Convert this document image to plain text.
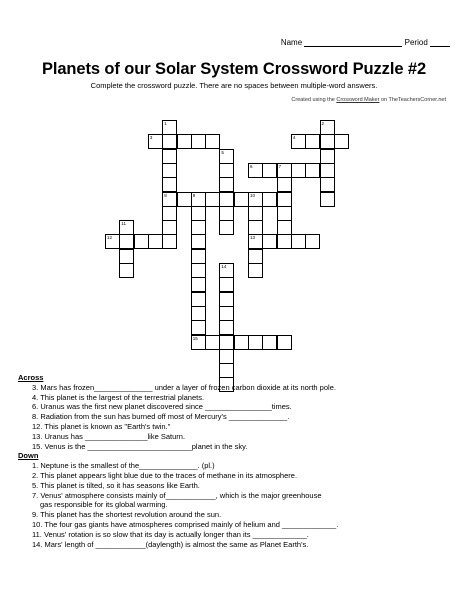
Name	Period
Planets of our Solar System Crossword Puzzle #2
Complete the crossword puzzle. There are no spaces between multiple-word answers.
Created using the Crossword Maker on TheTeachersCorner.net
1
8
2
5
7
9
15
10
13
11
14
3	4
6
12
Across
3. Mars has frozen______________ under a layer of frozen carbon dioxide at its north pole.
4. This planet is the largest of the terrestrial planets.
6. Uranus was the first new planet discovered since ________________times.
8. Radiation from the sun has burned off most of Mercury's ______________.
12. This planet is known as "Earth's twin."
13. Uranus has _______________like Saturn.
15. Venus is the _________________________planet in the sky.
Down
1. Neptune is the smallest of the______________. (pl.)
2. This planet appears light blue due to the traces of methane in its atmosphere.
5. This planet is tilted, so it has seasons like Earth.
7. Venus' atmosphere consists mainly of____________, which is the major greenhouse
gas responsible for its global warming.
9. This planet has the shortest revolution around the sun.
10. The four gas giants have atmospheres comprised mainly of helium and _____________.
11. Venus' rotation is so slow that its day is actually longer than its _____________.
14. Mars' length of ____________(daylength) is almost the same as Planet Earth's.
